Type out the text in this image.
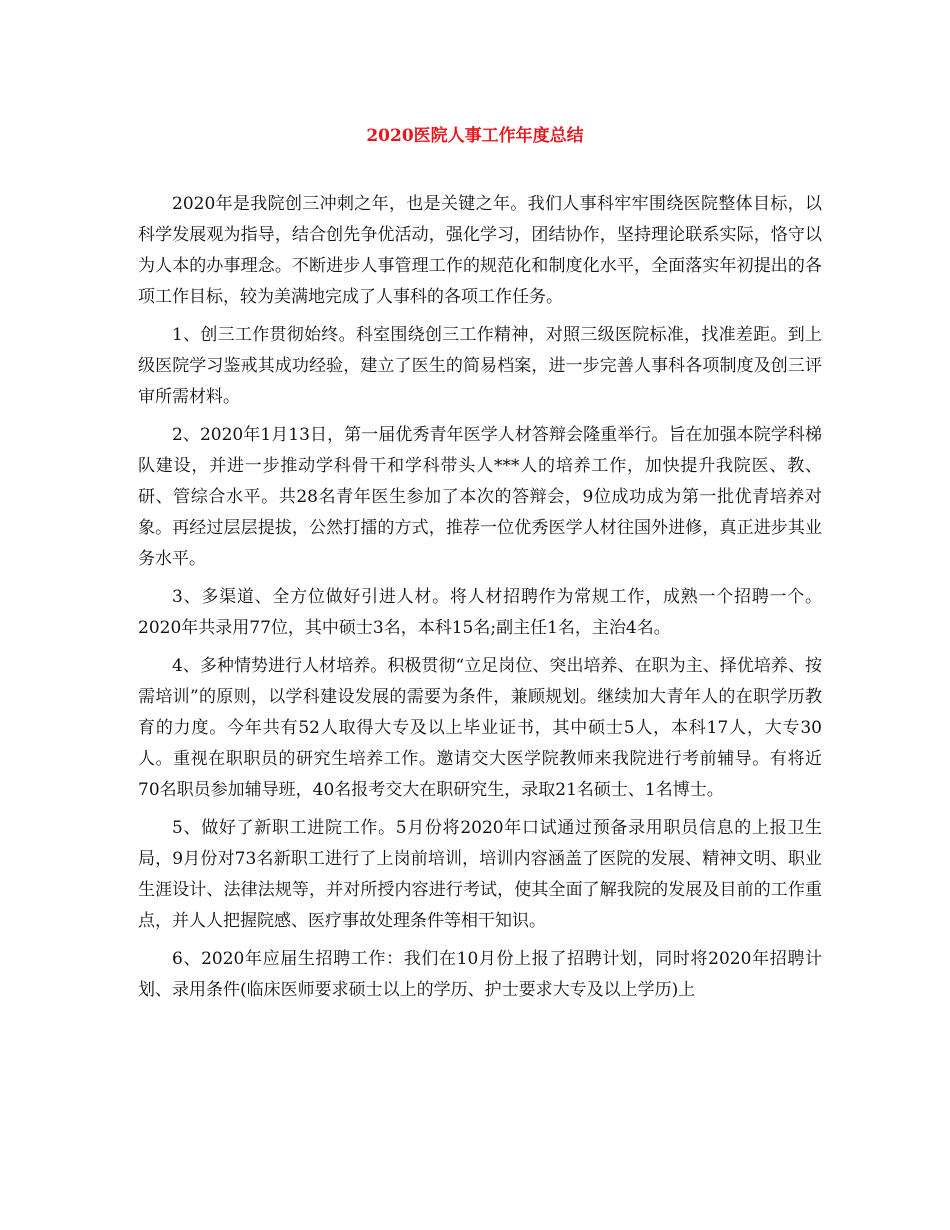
2020医院人事工作年度总结

2020年是我院创三冲刺之年，也是关键之年。我们人事科牢牢围绕医院整体目标，以科学发展观为指导，结合创先争优活动，强化学习，团结协作，坚持理论联系实际，恪守以为人本的办事理念。不断进步人事管理工作的规范化和制度化水平，全面落实年初提出的各项工作目标，较为美满地完成了人事科的各项工作任务。

1、创三工作贯彻始终。科室围绕创三工作精神，对照三级医院标准，找准差距。到上级医院学习鉴戒其成功经验，建立了医生的简易档案，进一步完善人事科各项制度及创三评审所需材料。

2、2020年1月13日，第一届优秀青年医学人材答辩会隆重举行。旨在加强本院学科梯队建设，并进一步推动学科骨干和学科带头人***人的培养工作，加快提升我院医、教、研、管综合水平。共28名青年医生参加了本次的答辩会，9位成功成为第一批优青培养对象。再经过层层提拔，公然打擂的方式，推荐一位优秀医学人材往国外进修，真正进步其业务水平。

3、多渠道、全方位做好引进人材。将人材招聘作为常规工作，成熟一个招聘一个。2020年共录用77位，其中硕士3名，本科15名;副主任1名，主治4名。

4、多种情势进行人材培养。积极贯彻“立足岗位、突出培养、在职为主、择优培养、按需培训”的原则，以学科建设发展的需要为条件，兼顾规划。继续加大青年人的在职学历教育的力度。今年共有52人取得大专及以上毕业证书，其中硕士5人，本科17人，大专30人。重视在职职员的研究生培养工作。邀请交大医学院教师来我院进行考前辅导。有将近70名职员参加辅导班，40名报考交大在职研究生，录取21名硕士、1名博士。

5、做好了新职工进院工作。5月份将2020年口试通过预备录用职员信息的上报卫生局，9月份对73名新职工进行了上岗前培训，培训内容涵盖了医院的发展、精神文明、职业生涯设计、法律法规等，并对所授内容进行考试，使其全面了解我院的发展及目前的工作重点，并人人把握院感、医疗事故处理条件等相干知识。

6、2020年应届生招聘工作：我们在10月份上报了招聘计划，同时将2020年招聘计划、录用条件(临床医师要求硕士以上的学历、护士要求大专及以上学历)上
